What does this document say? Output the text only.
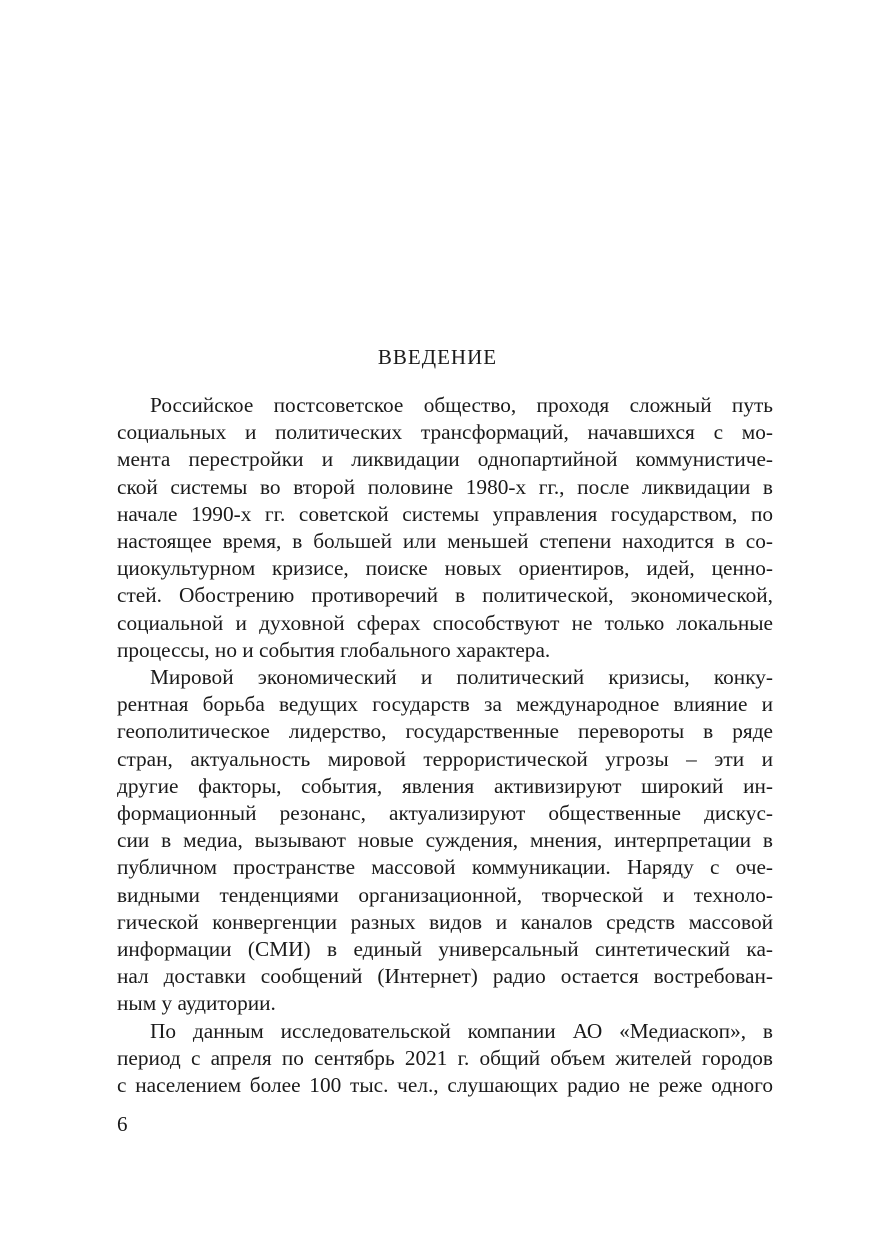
ВВЕДЕНИЕ
Российское постсоветское общество, проходя сложный путь
социальных и политических трансформаций, начавшихся с мо-
мента перестройки и ликвидации однопартийной коммунистиче-
ской системы во второй половине 1980-х гг., после ликвидации в
начале 1990-х гг. советской системы управления государством, по
настоящее время, в большей или меньшей степени находится в со-
циокультурном кризисе, поиске новых ориентиров, идей, ценно-
стей. Обострению противоречий в политической, экономической,
социальной и духовной сферах способствуют не только локальные
процессы, но и события глобального характера.
Мировой экономический и политический кризисы, конку-
рентная борьба ведущих государств за международное влияние и
геополитическое лидерство, государственные перевороты в ряде
стран, актуальность мировой террористической угрозы – эти и
другие факторы, события, явления активизируют широкий ин-
формационный резонанс, актуализируют общественные дискус-
сии в медиа, вызывают новые суждения, мнения, интерпретации в
публичном пространстве массовой коммуникации. Наряду с оче-
видными тенденциями организационной, творческой и техноло-
гической конвергенции разных видов и каналов средств массовой
информации (СМИ) в единый универсальный синтетический ка-
нал доставки сообщений (Интернет) радио остается востребован-
ным у аудитории.
По данным исследовательской компании АО «Медиаскоп», в
период с апреля по сентябрь 2021 г. общий объем жителей городов
с населением более 100 тыс. чел., слушающих радио не реже одного
6
